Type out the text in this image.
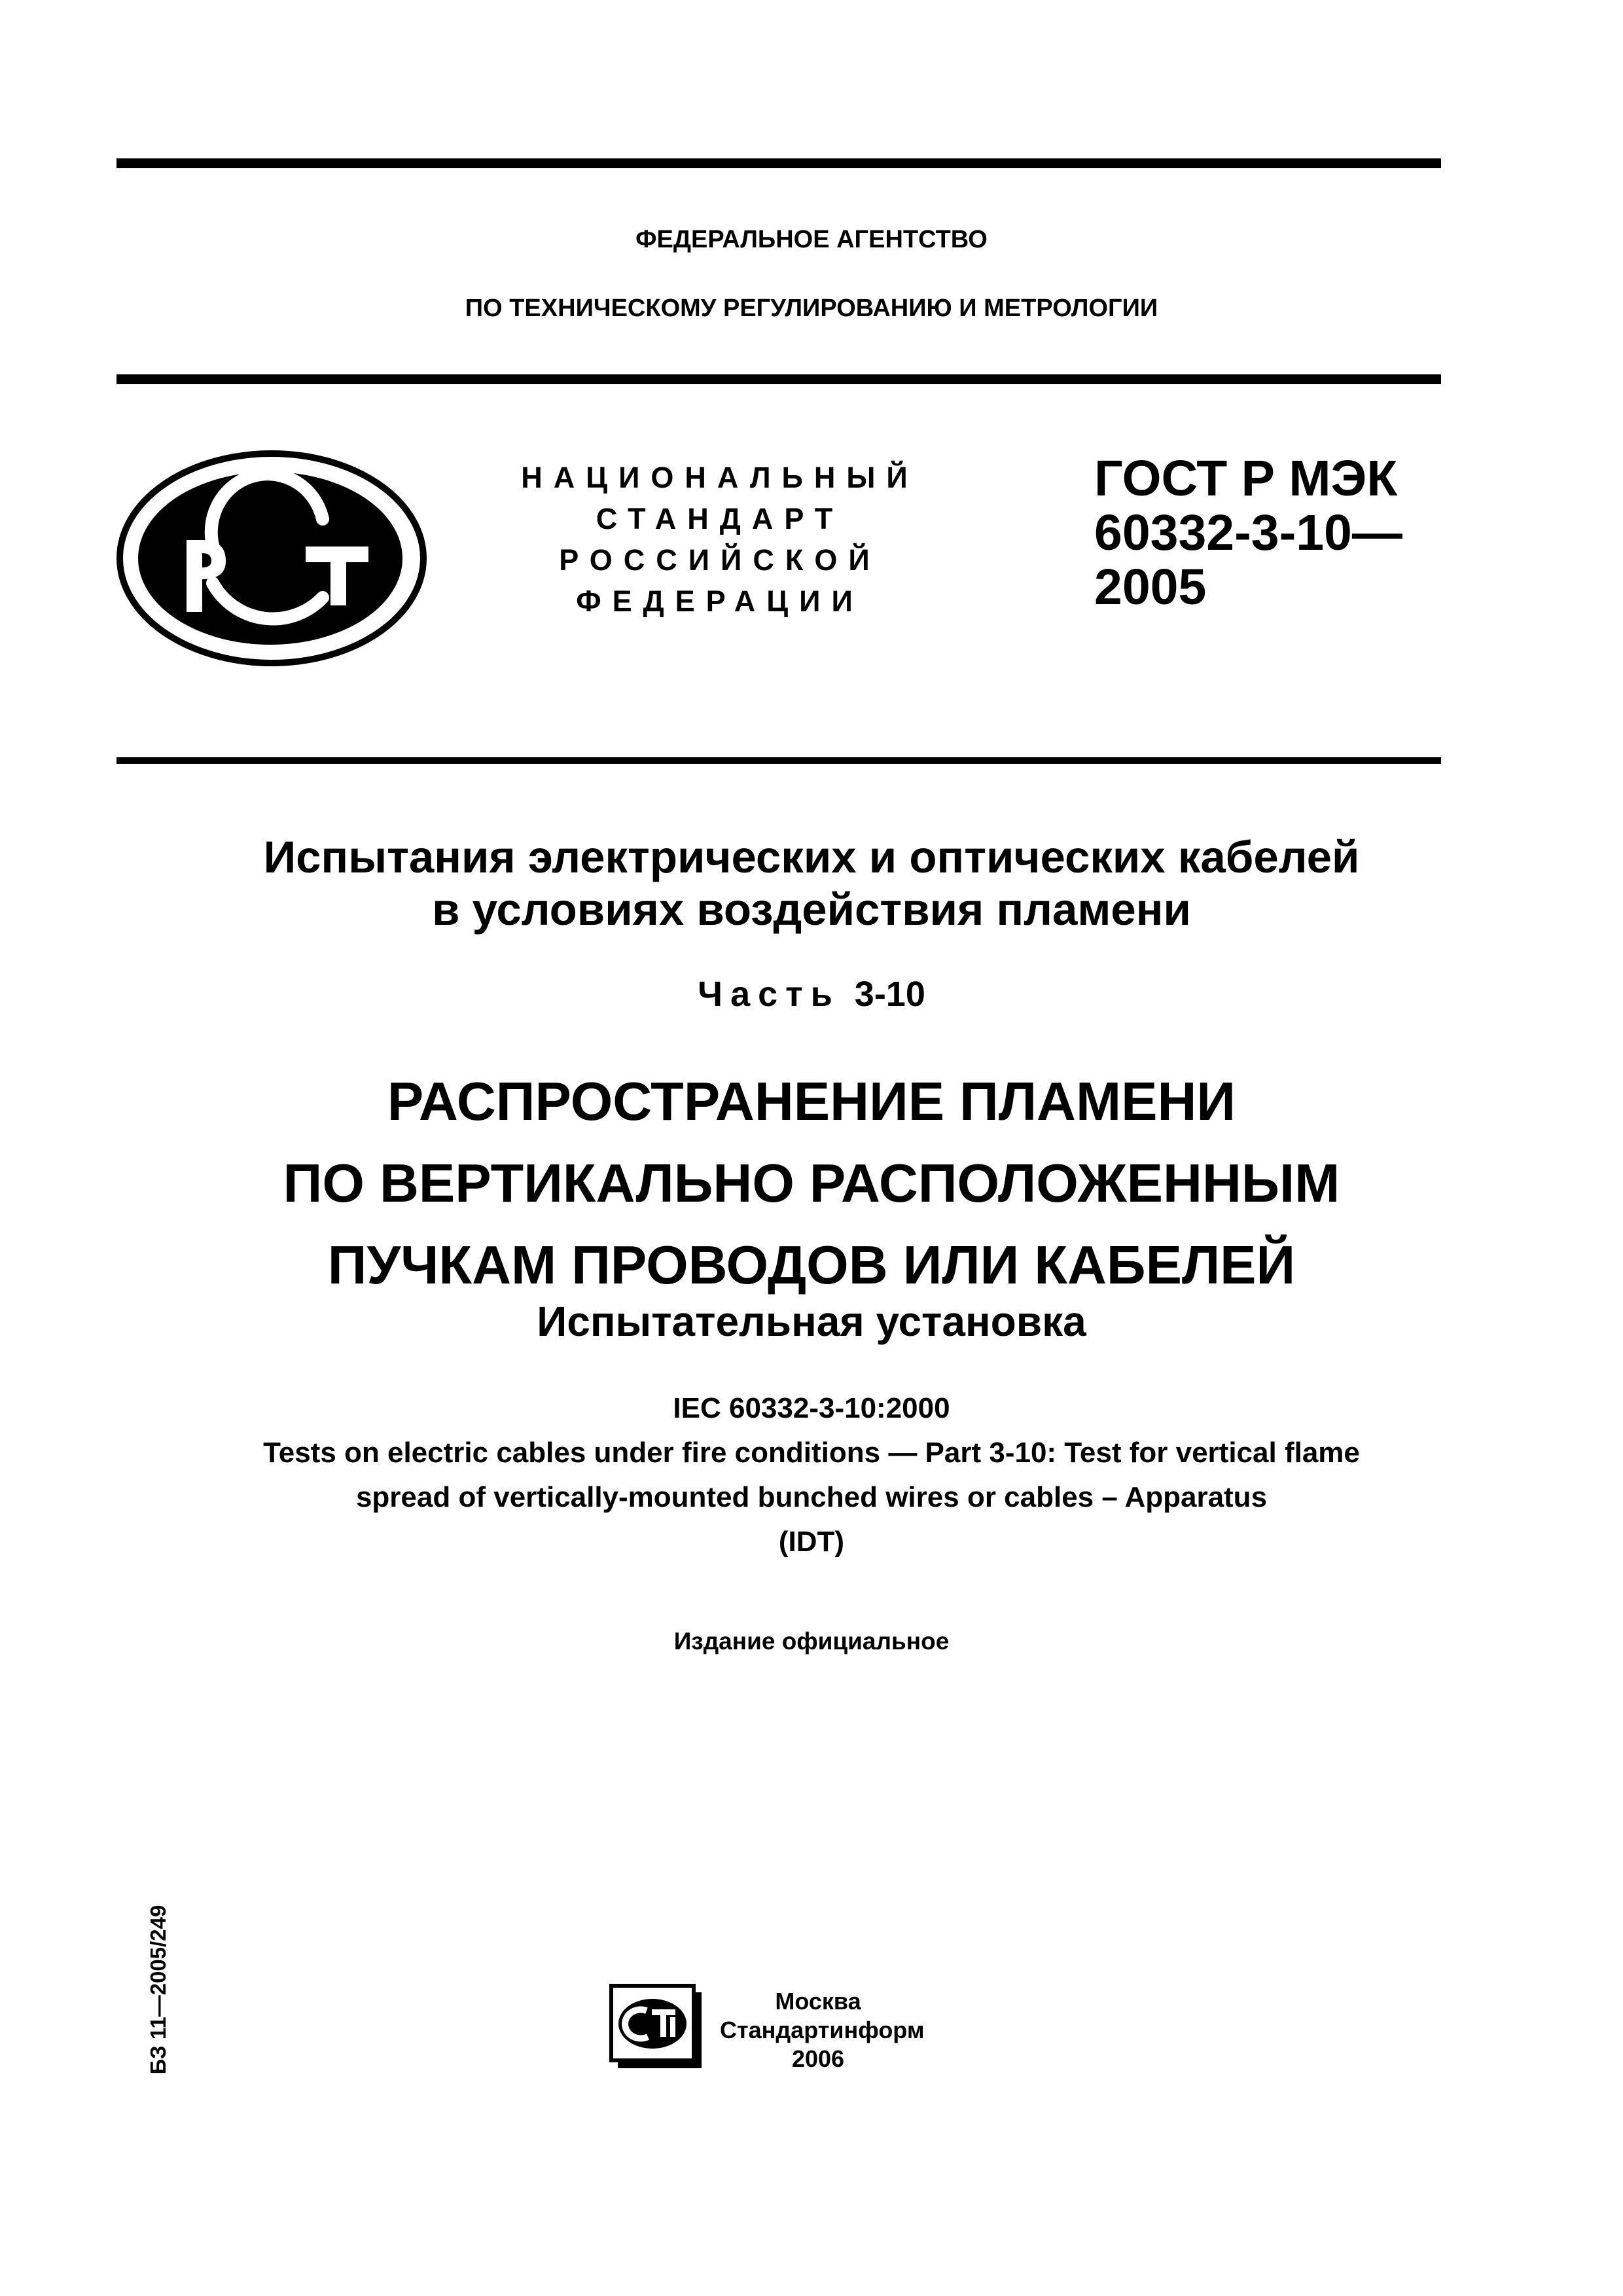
ФЕДЕРАЛЬНОЕ АГЕНТСТВО
ПО ТЕХНИЧЕСКОМУ РЕГУЛИРОВАНИЮ И МЕТРОЛОГИИ
НАЦИОНАЛЬНЫЙ
СТАНДАРТ
РОССИЙСКОЙ
ФЕДЕРАЦИИ
ГОСТ Р МЭК
60332-3-10—
2005
Испытания электрических и оптических кабелей
в условиях воздействия пламени
Часть 3-10
РАСПРОСТРАНЕНИЕ ПЛАМЕНИ
ПО ВЕРТИКАЛЬНО РАСПОЛОЖЕННЫМ
ПУЧКАМ ПРОВОДОВ ИЛИ КАБЕЛЕЙ
Испытательная установка
IEC 60332-3-10:2000
Tests on electric cables under fire conditions — Part 3-10: Test for vertical flame
spread of vertically-mounted bunched wires or cables – Apparatus
(IDT)
Издание официальное
БЗ 11—2005/249	Москва
Стандартинформ
2006
